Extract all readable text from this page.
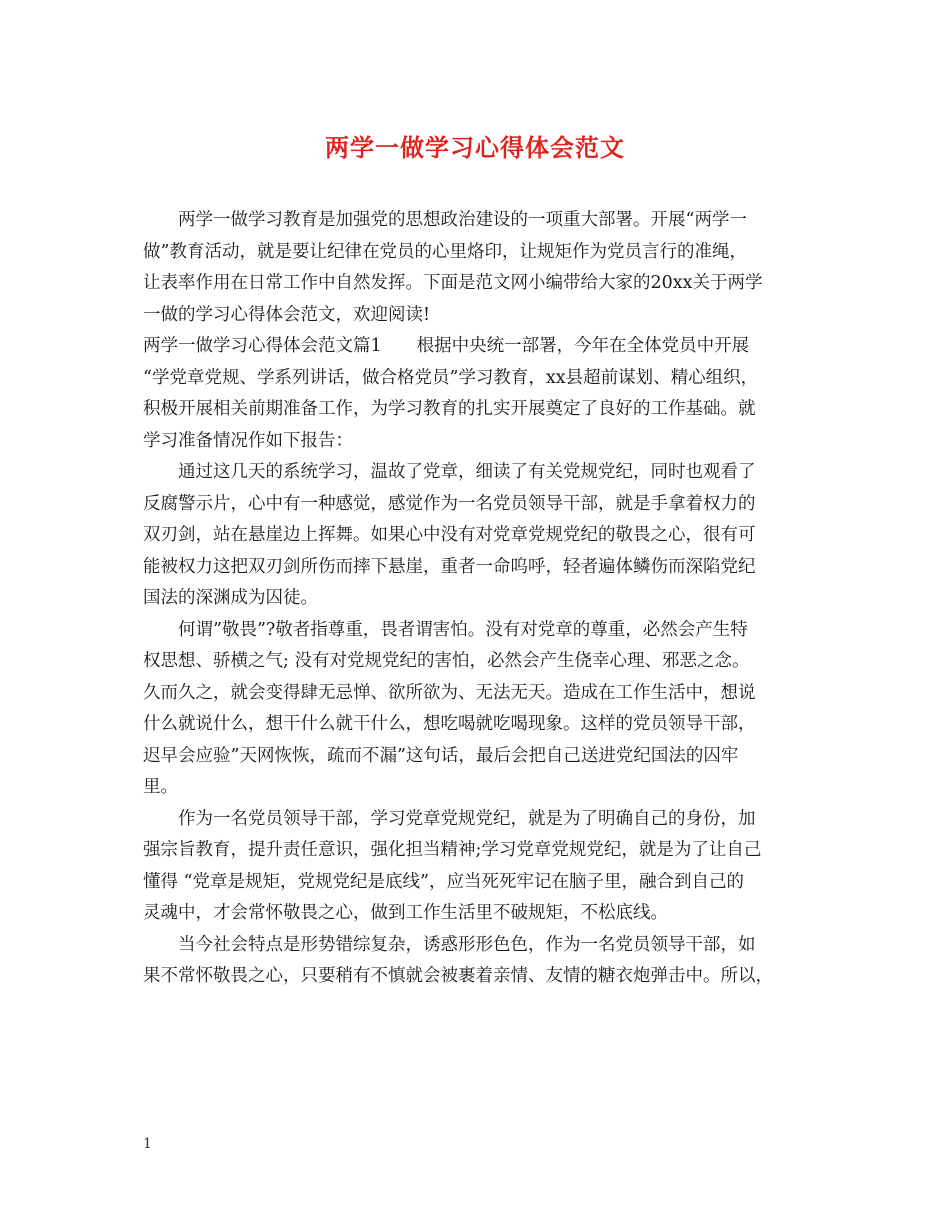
两学一做学习心得体会范文
两学一做学习教育是加强党的思想政治建设的一项重大部署。开展“两学一
做”教育活动，就是要让纪律在党员的心里烙印，让规矩作为党员言行的准绳，
让表率作用在日常工作中自然发挥。下面是范文网小编带给大家的20xx关于两学
一做的学习心得体会范文，欢迎阅读!
两学一做学习心得体会范文篇1　　根据中央统一部署，今年在全体党员中开展
“学党章党规、学系列讲话，做合格党员”学习教育，xx县超前谋划、精心组织，
积极开展相关前期准备工作，为学习教育的扎实开展奠定了良好的工作基础。就
学习准备情况作如下报告：
通过这几天的系统学习，温故了党章，细读了有关党规党纪，同时也观看了
反腐警示片，心中有一种感觉，感觉作为一名党员领导干部，就是手拿着权力的
双刃剑，站在悬崖边上挥舞。如果心中没有对党章党规党纪的敬畏之心，很有可
能被权力这把双刃剑所伤而摔下悬崖，重者一命呜呼，轻者遍体鳞伤而深陷党纪
国法的深渊成为囚徒。
何谓”敬畏”?敬者指尊重，畏者谓害怕。没有对党章的尊重，必然会产生特
权思想、骄横之气; 没有对党规党纪的害怕，必然会产生侥幸心理、邪恶之念。
久而久之，就会变得肆无忌惮、欲所欲为、无法无天。造成在工作生活中，想说
什么就说什么，想干什么就干什么，想吃喝就吃喝现象。这样的党员领导干部，
迟早会应验”天网恢恢，疏而不漏”这句话，最后会把自己送进党纪国法的囚牢
里。
作为一名党员领导干部，学习党章党规党纪，就是为了明确自己的身份，加
强宗旨教育，提升责任意识，强化担当精神;学习党章党规党纪，就是为了让自己
懂得 “党章是规矩，党规党纪是底线”，应当死死牢记在脑子里，融合到自己的
灵魂中，才会常怀敬畏之心，做到工作生活里不破规矩，不松底线。
当今社会特点是形势错综复杂，诱惑形形色色，作为一名党员领导干部，如
果不常怀敬畏之心，只要稍有不慎就会被裹着亲情、友情的糖衣炮弹击中。所以，
1
